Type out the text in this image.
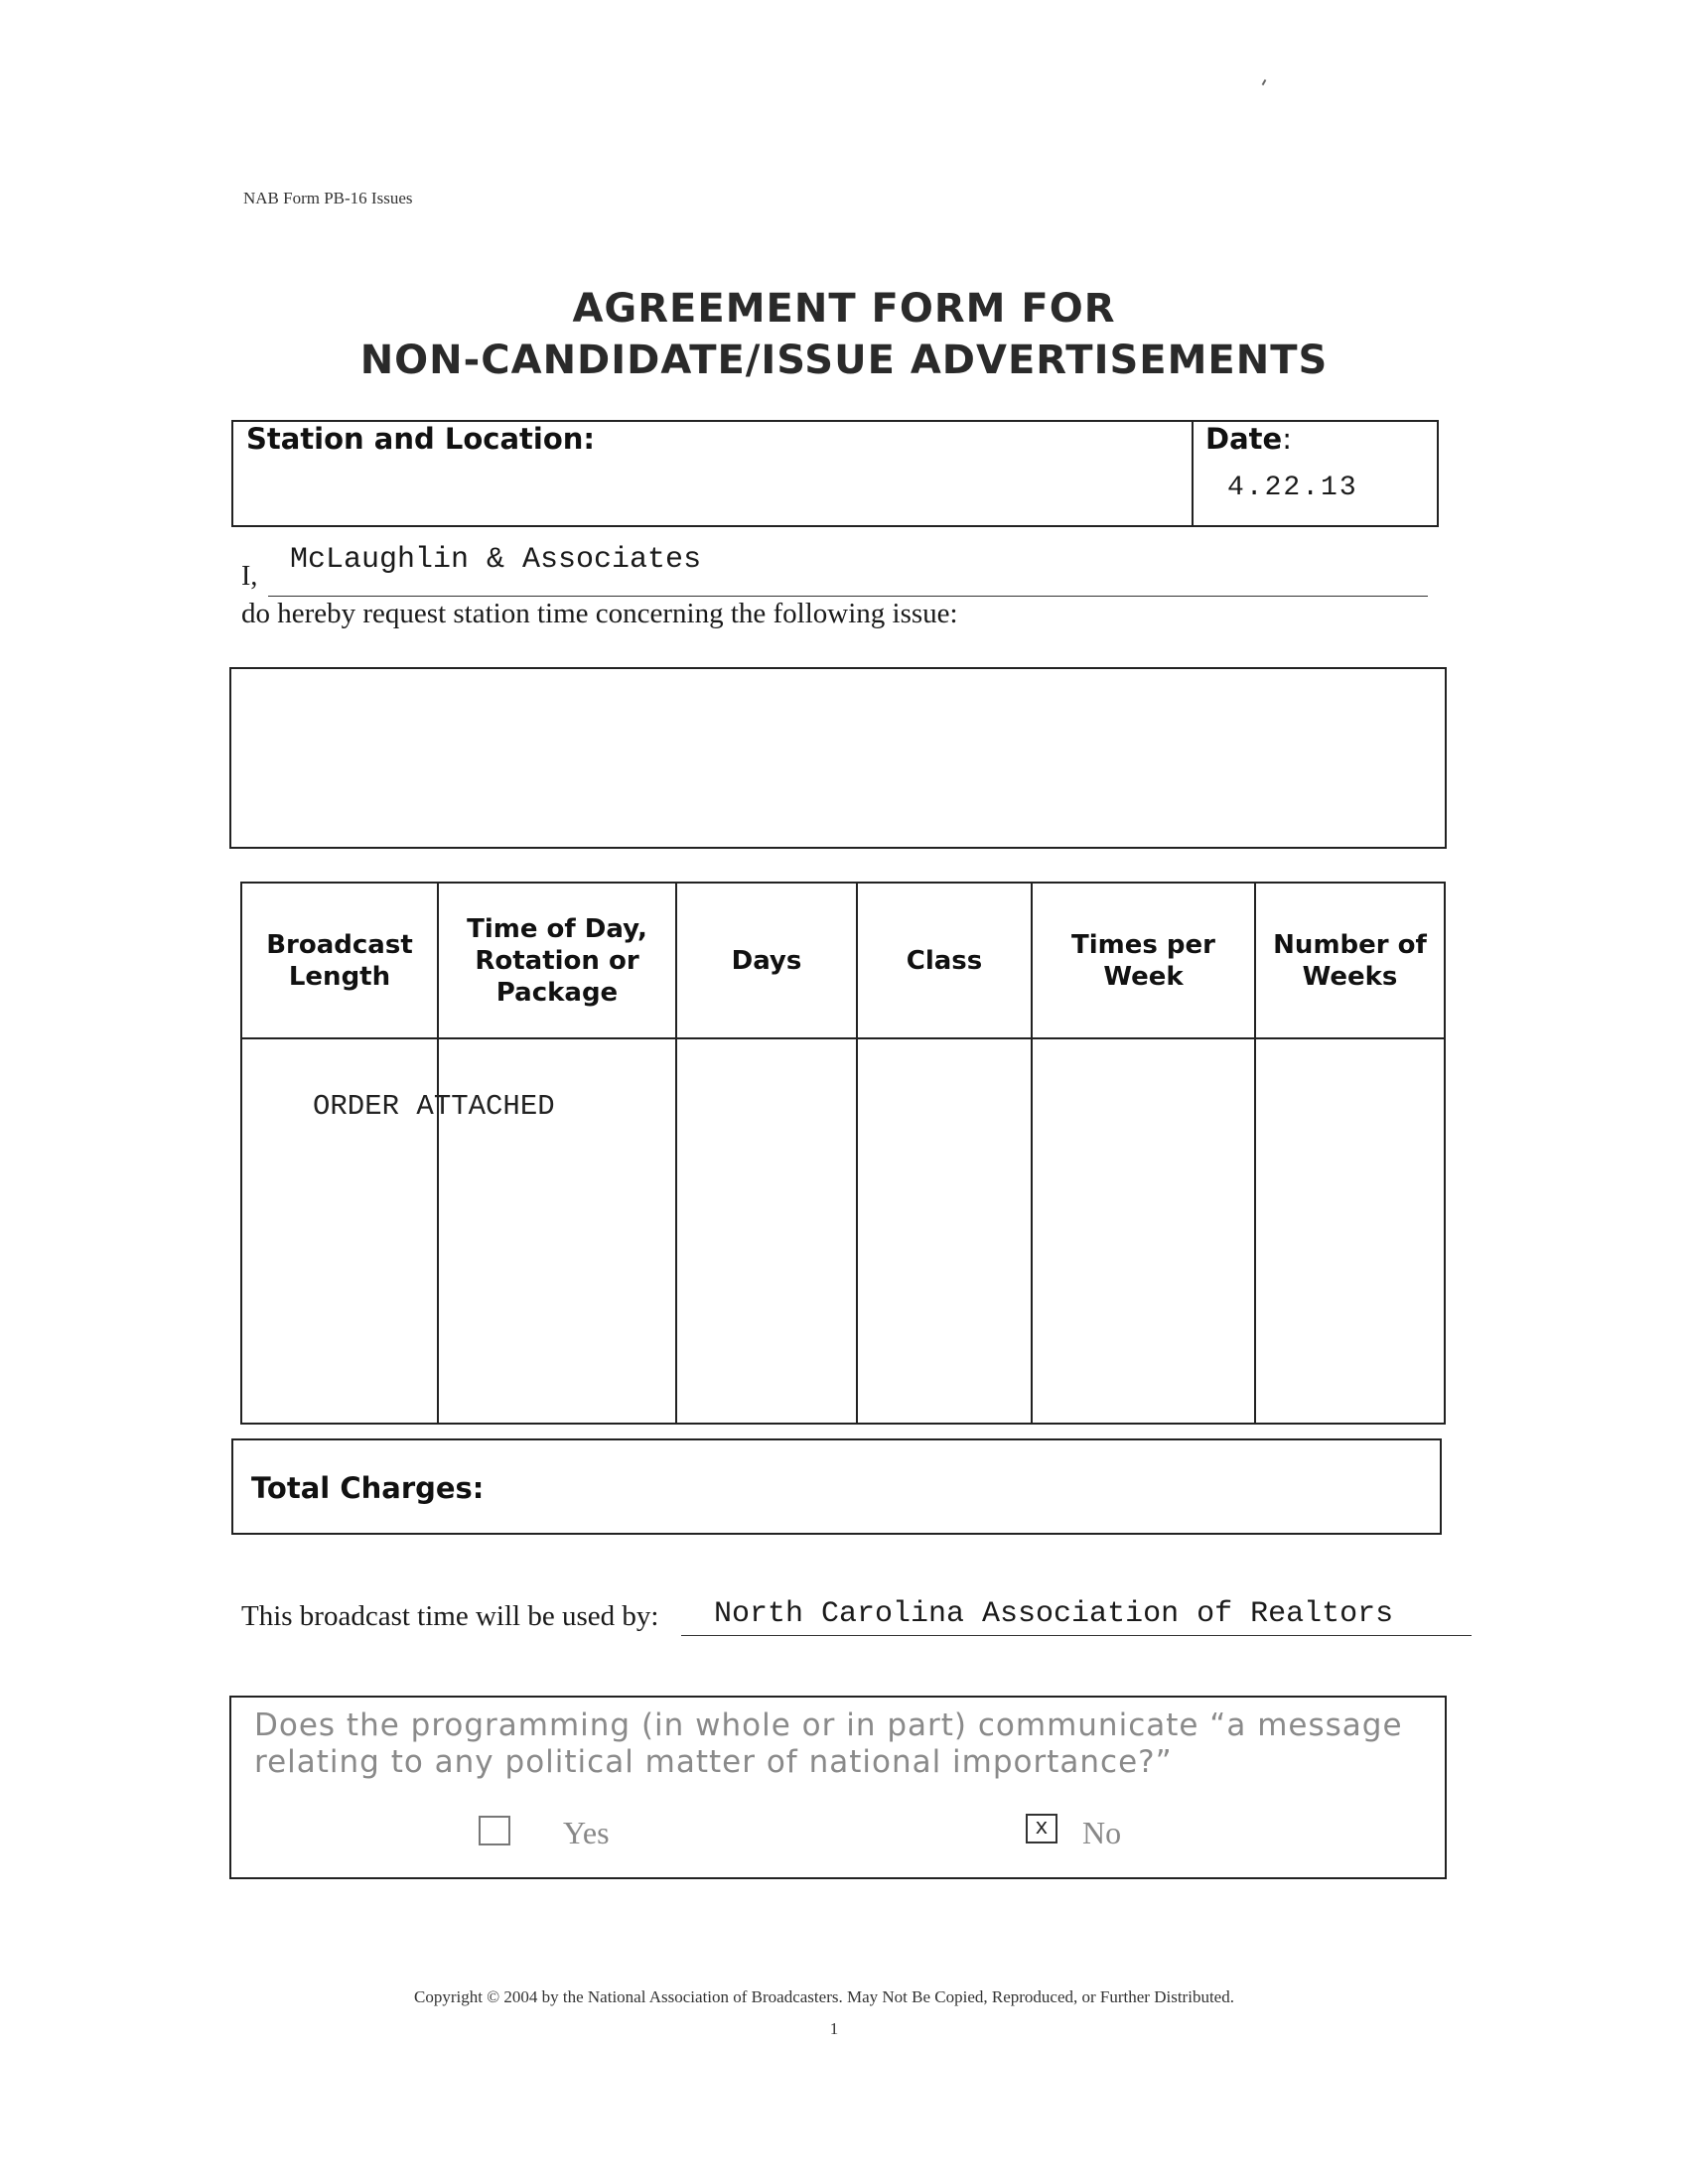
NAB Form PB-16 Issues
AGREEMENT FORM FOR
NON-CANDIDATE/ISSUE ADVERTISEMENTS
Station and Location:	Date:
4.22.13
I, McLaughlin & Associates
do hereby request station time concerning the following issue:
Broadcast Length	Time of Day, Rotation or Package	Days	Class	Times per Week	Number of Weeks

ORDER ATTACHED
Total Charges:
This broadcast time will be used by: North Carolina Association of Realtors
Does the programming (in whole or in part) communicate “a message relating to any political matter of national importance?”
Yes	x No
Copyright © 2004 by the National Association of Broadcasters. May Not Be Copied, Reproduced, or Further Distributed.
1
